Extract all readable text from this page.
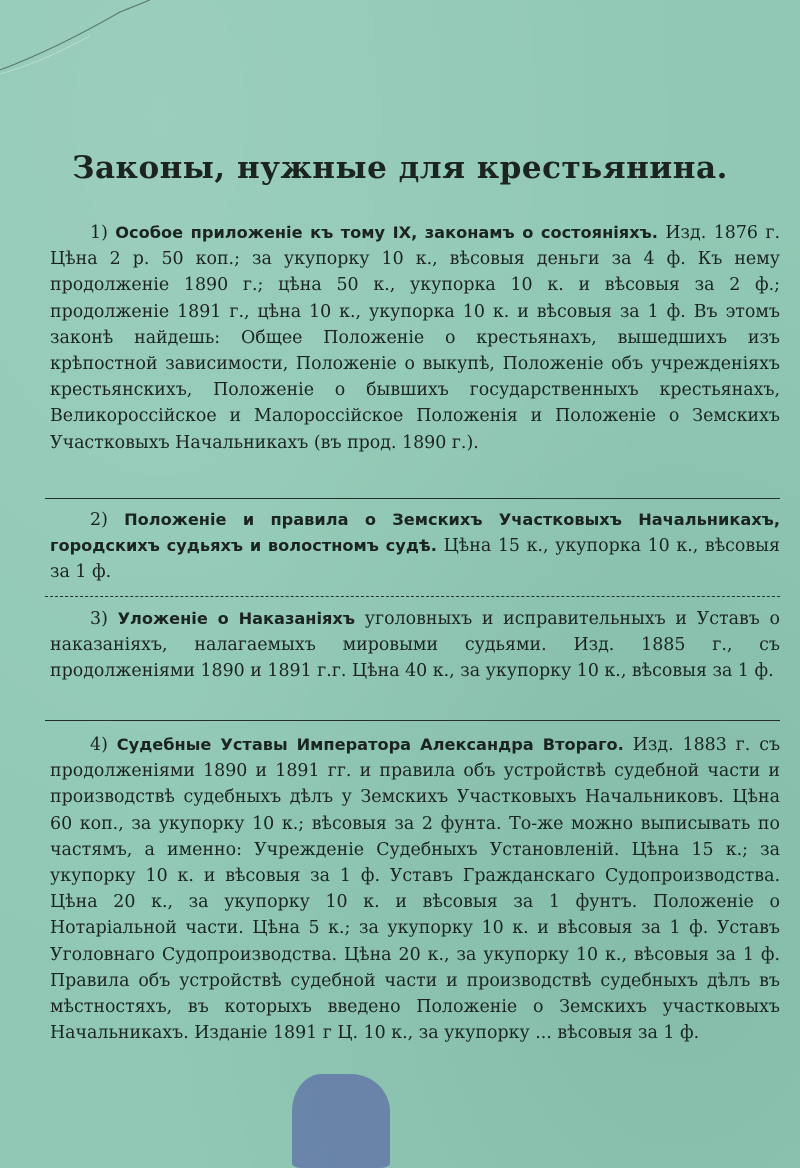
Законы, нужные для крестьянина.

1) Особое приложеніе къ тому IX, законамъ о состояніяхъ. Изд. 1876 г. Цѣна 2 р. 50 коп.; за укупорку 10 к., вѣсовыя деньги за 4 ф. Къ нему продолженіе 1890 г.; цѣна 50 к., укупорка 10 к. и вѣсовыя за 2 ф.; продолженіе 1891 г., цѣна 10 к., укупорка 10 к. и вѣсовыя за 1 ф. Въ этомъ законѣ найдешь: Общее Положеніе о крестьянахъ, вышедшихъ изъ крѣпостной зависимости, Положеніе о выкупѣ, Положеніе объ учрежденіяхъ крестьянскихъ, Положеніе о бывшихъ государственныхъ крестьянахъ, Великороссійское и Малороссійское Положенія и Положеніе о Земскихъ Участковыхъ Начальникахъ (въ прод. 1890 г.).

2) Положеніе и правила о Земскихъ Участковыхъ Начальникахъ, городскихъ судьяхъ и волостномъ судѣ. Цѣна 15 к., укупорка 10 к., вѣсовыя за 1 ф.

3) Уложеніе о Наказаніяхъ уголовныхъ и исправительныхъ и Уставъ о наказаніяхъ, налагаемыхъ мировыми судьями. Изд. 1885 г., съ продолженіями 1890 и 1891 г.г. Цѣна 40 к., за укупорку 10 к., вѣсовыя за 1 ф.

4) Судебные Уставы Императора Александра Втораго. Изд. 1883 г. съ продолженіями 1890 и 1891 гг. и правила объ устройствѣ судебной части и производствѣ судебныхъ дѣлъ у Земскихъ Участковыхъ Начальниковъ. Цѣна 60 коп., за укупорку 10 к.; вѣсовыя за 2 фунта. То-же можно выписывать по частямъ, а именно: Учрежденіе Судебныхъ Установленій. Цѣна 15 к.; за укупорку 10 к. и вѣсовыя за 1 ф. Уставъ Гражданскаго Судопроизводства. Цѣна 20 к., за укупорку 10 к. и вѣсовыя за 1 фунтъ. Положеніе о Нотаріальной части. Цѣна 5 к.; за укупорку 10 к. и вѣсовыя за 1 ф. Уставъ Уголовнаго Судопроизводства. Цѣна 20 к., за укупорку 10 к., вѣсовыя за 1 ф. Правила объ устройствѣ судебной части и производствѣ судебныхъ дѣлъ въ мѣстностяхъ, въ которыхъ введено Положеніе о Земскихъ участковыхъ Начальникахъ. Изданіе 1891 г Ц. 10 к., за укупорку ... вѣсовыя за 1 ф.
